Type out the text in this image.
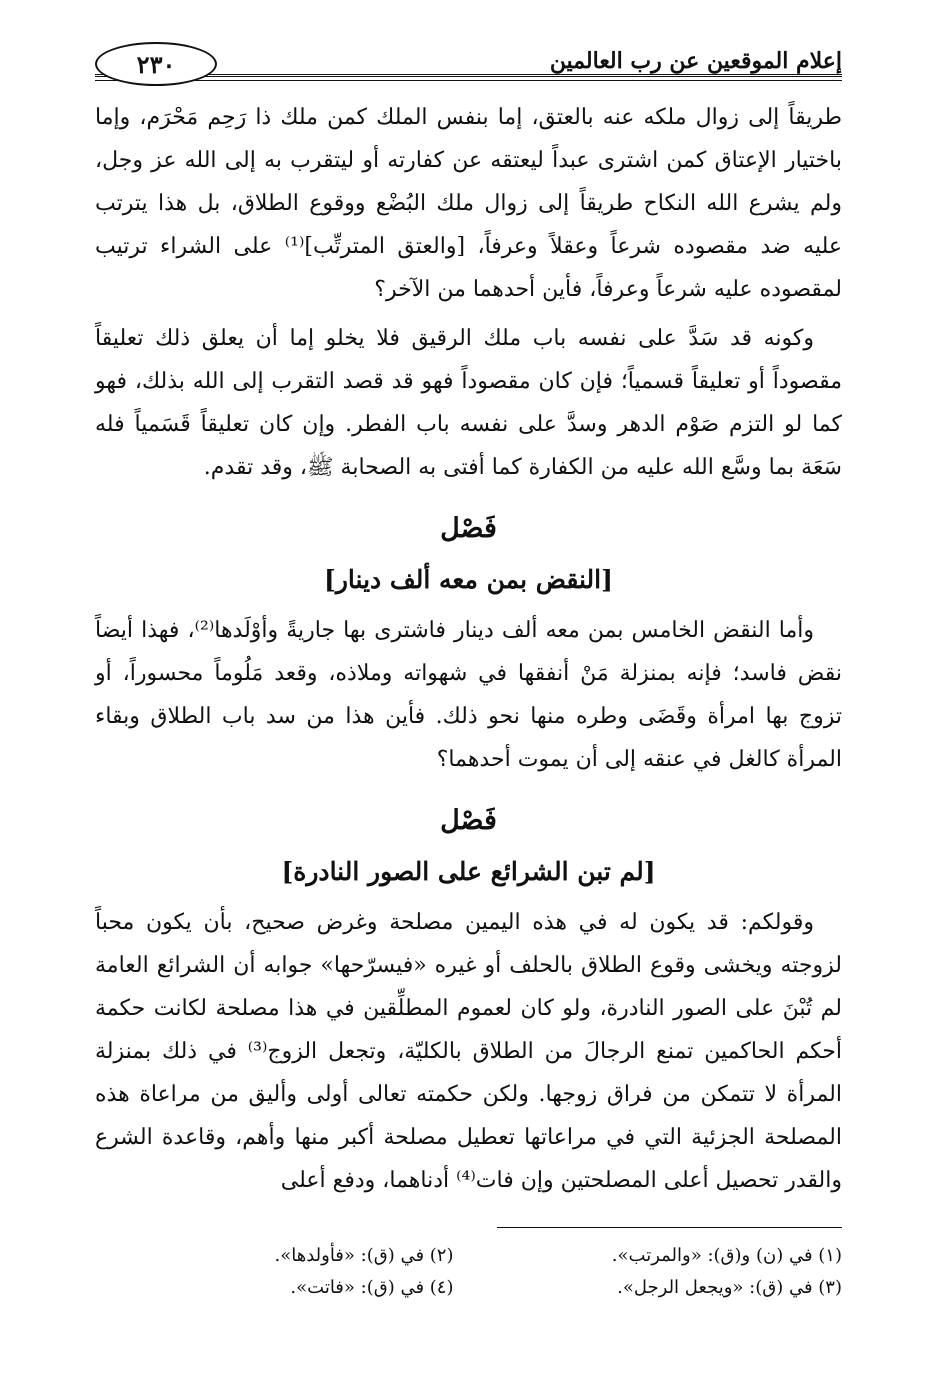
إعلام الموقعين عن رب العالمين
٢٣٠

طريقاً إلى زوال ملكه عنه بالعتق، إما بنفس الملك كمن ملك ذا رَحِم مَحْرَم، وإما باختيار الإعتاق كمن اشترى عبداً ليعتقه عن كفارته أو ليتقرب به إلى الله عز وجل، ولم يشرع الله النكاح طريقاً إلى زوال ملك البُضْع ووقوع الطلاق، بل هذا يترتب عليه ضد مقصوده شرعاً وعقلاً وعرفاً، [والعتق المترتِّب]⁽¹⁾ على الشراء ترتيب لمقصوده عليه شرعاً وعرفاً، فأين أحدهما من الآخر؟

وكونه قد سَدَّ على نفسه باب ملك الرقيق فلا يخلو إما أن يعلق ذلك تعليقاً مقصوداً أو تعليقاً قسمياً؛ فإن كان مقصوداً فهو قد قصد التقرب إلى الله بذلك، فهو كما لو التزم صَوْم الدهر وسدَّ على نفسه باب الفطر. وإن كان تعليقاً قَسَمياً فله سَعَة بما وسَّع الله عليه من الكفارة كما أفتى به الصحابة ﷺ، وقد تقدم.

فَصْل
[النقض بمن معه ألف دينار]

وأما النقض الخامس بمن معه ألف دينار فاشترى بها جاريةً وأوْلَدها⁽²⁾، فهذا أيضاً نقض فاسد؛ فإنه بمنزلة مَنْ أنفقها في شهواته وملاذه، وقعد مَلُوماً محسوراً، أو تزوج بها امرأة وقَضَى وطره منها نحو ذلك. فأين هذا من سد باب الطلاق وبقاء المرأة كالغل في عنقه إلى أن يموت أحدهما؟

فَصْل
[لم تبن الشرائع على الصور النادرة]

وقولكم: قد يكون له في هذه اليمين مصلحة وغرض صحيح، بأن يكون محباً لزوجته ويخشى وقوع الطلاق بالحلف أو غيره «فيسرّحها» جوابه أن الشرائع العامة لم تُبْنَ على الصور النادرة، ولو كان لعموم المطلِّقين في هذا مصلحة لكانت حكمة أحكم الحاكمين تمنع الرجالَ من الطلاق بالكليّة، وتجعل الزوج⁽³⁾ في ذلك بمنزلة المرأة لا تتمكن من فراق زوجها. ولكن حكمته تعالى أولى وأليق من مراعاة هذه المصلحة الجزئية التي في مراعاتها تعطيل مصلحة أكبر منها وأهم، وقاعدة الشرع والقدر تحصيل أعلى المصلحتين وإن فات⁽⁴⁾ أدناهما، ودفع أعلى

(١) في (ن) و(ق): «والمرتب».
(٢) في (ق): «فأولدها».
(٣) في (ق): «ويجعل الرجل».
(٤) في (ق): «فاتت».
